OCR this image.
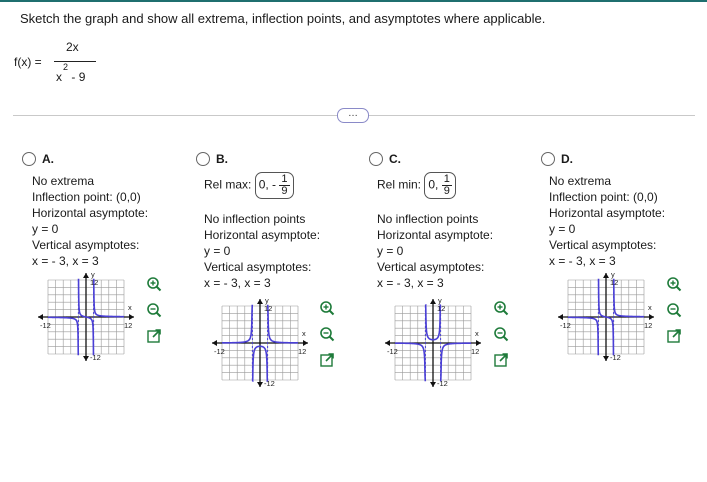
Sketch the graph and show all extrema, inflection points, and asymptotes where applicable.
f(x) =
2x
$x^2 - 9$
…
A.
No extrema
Inflection point: (0,0)
Horizontal asymptote:
y = 0
Vertical asymptotes:
x = - 3, x = 3
B.
Rel max: 0, - $\frac{1}{9}$
No inflection points
Horizontal asymptote:
y = 0
Vertical asymptotes:
x = - 3, x = 3
C.
Rel min: 0, $\frac{1}{9}$
No inflection points
Horizontal asymptote:
y = 0
Vertical asymptotes:
x = - 3, x = 3
D.
No extrema
Inflection point: (0,0)
Horizontal asymptote:
y = 0
Vertical asymptotes:
x = - 3, x = 3
-12	12
12
-12
x
y
-12	12
12
-12
x
y
-12	12
12
-12
x
y
-12	12
12
-12
x
y
